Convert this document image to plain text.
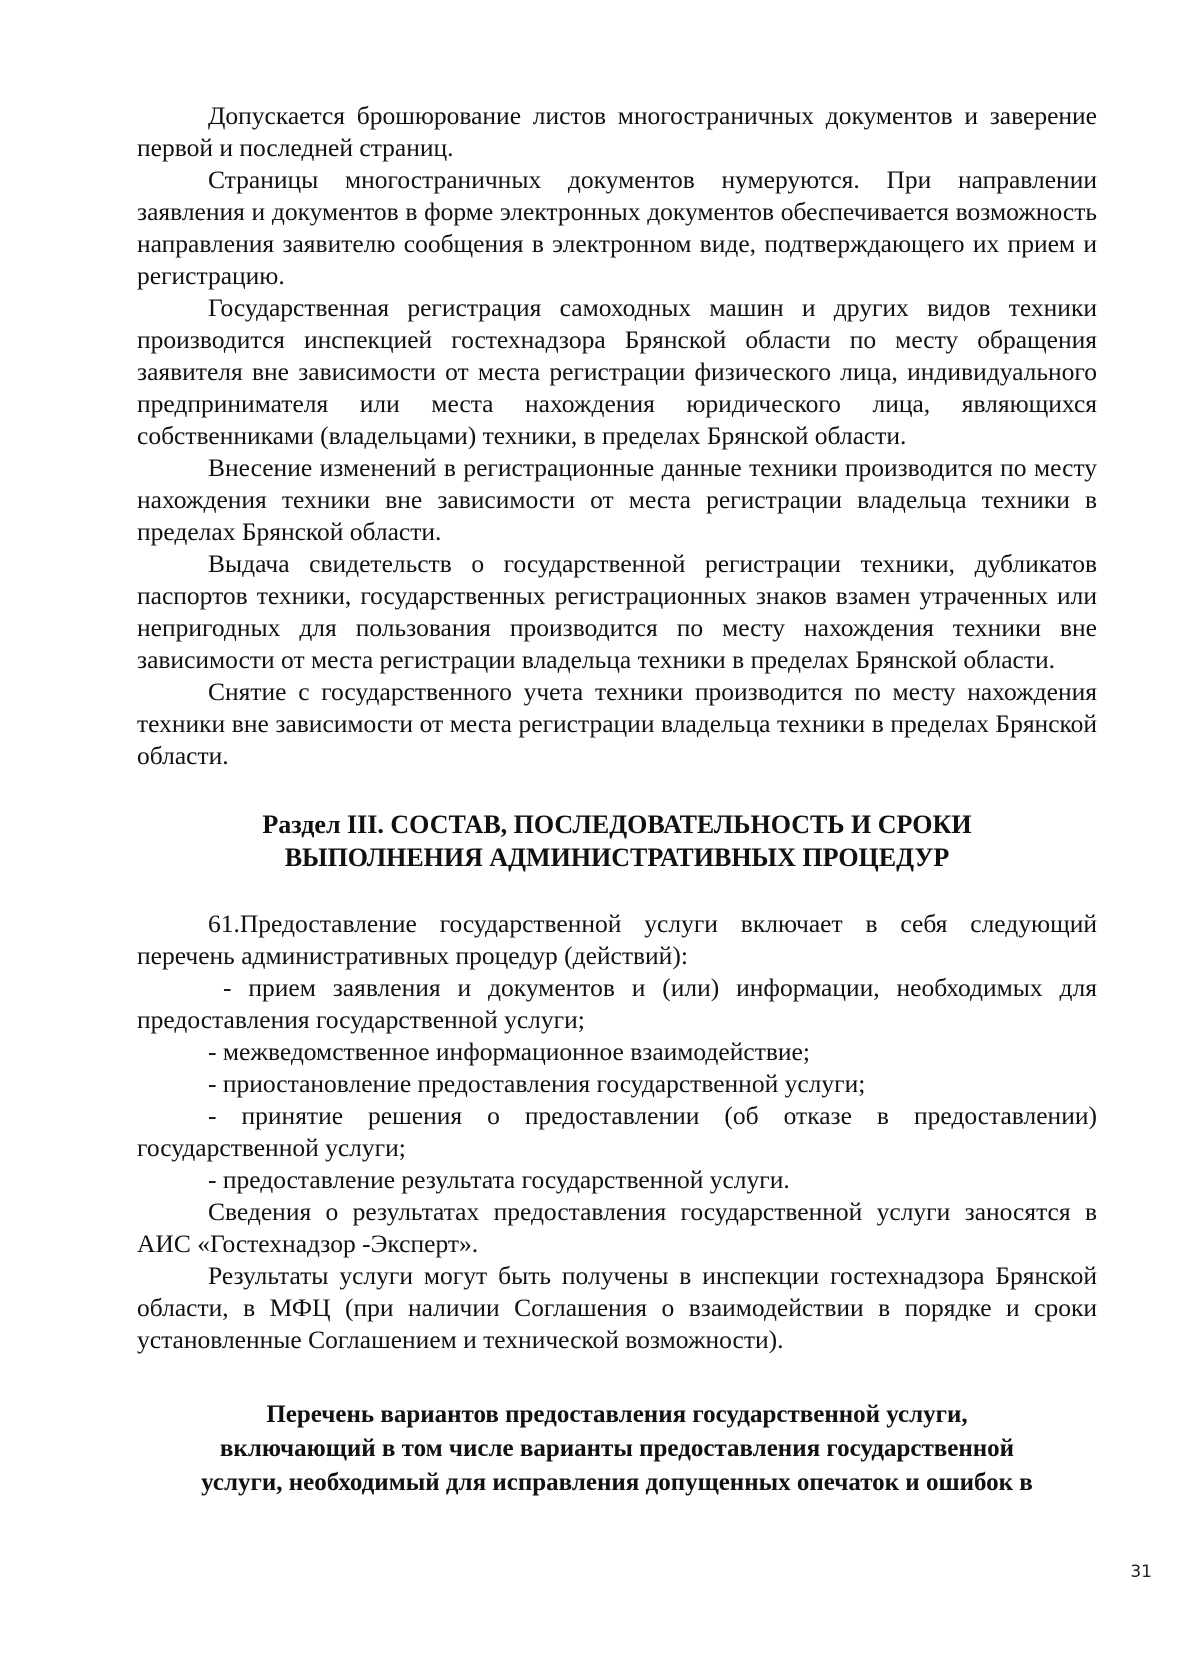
Допускается брошюрование листов многостраничных документов и заверение первой и последней страниц.

Страницы многостраничных документов нумеруются. При направлении заявления и документов в форме электронных документов обеспечивается возможность направления заявителю сообщения в электронном виде, подтверждающего их прием и регистрацию.

Государственная регистрация самоходных машин и других видов техники производится инспекцией гостехнадзора Брянской области по месту обращения заявителя вне зависимости от места регистрации физического лица, индивидуального предпринимателя или места нахождения юридического лица, являющихся собственниками (владельцами) техники, в пределах Брянской области.

Внесение изменений в регистрационные данные техники производится по месту нахождения техники вне зависимости от места регистрации владельца техники в пределах Брянской области.

Выдача свидетельств о государственной регистрации техники, дубликатов паспортов техники, государственных регистрационных знаков взамен утраченных или непригодных для пользования производится по месту нахождения техники вне зависимости от места регистрации владельца техники в пределах Брянской области.

Снятие с государственного учета техники производится по месту нахождения техники вне зависимости от места регистрации владельца техники в пределах Брянской области.

Раздел III. СОСТАВ, ПОСЛЕДОВАТЕЛЬНОСТЬ И СРОКИ
ВЫПОЛНЕНИЯ АДМИНИСТРАТИВНЫХ ПРОЦЕДУР

61.Предоставление государственной услуги включает в себя следующий перечень административных процедур (действий):

- прием заявления и документов и (или) информации, необходимых для предоставления государственной услуги;

- межведомственное информационное взаимодействие;

- приостановление предоставления государственной услуги;

- принятие решения о предоставлении (об отказе в предоставлении) государственной услуги;

- предоставление результата государственной услуги.

Сведения о результатах предоставления государственной услуги заносятся в АИС «Гостехнадзор -Эксперт».

Результаты услуги могут быть получены в инспекции гостехнадзора Брянской области, в МФЦ (при наличии Соглашения о взаимодействии в порядке и сроки установленные Соглашением и технической возможности).

Перечень вариантов предоставления государственной услуги,
включающий в том числе варианты предоставления государственной
услуги, необходимый для исправления допущенных опечаток и ошибок в
31
